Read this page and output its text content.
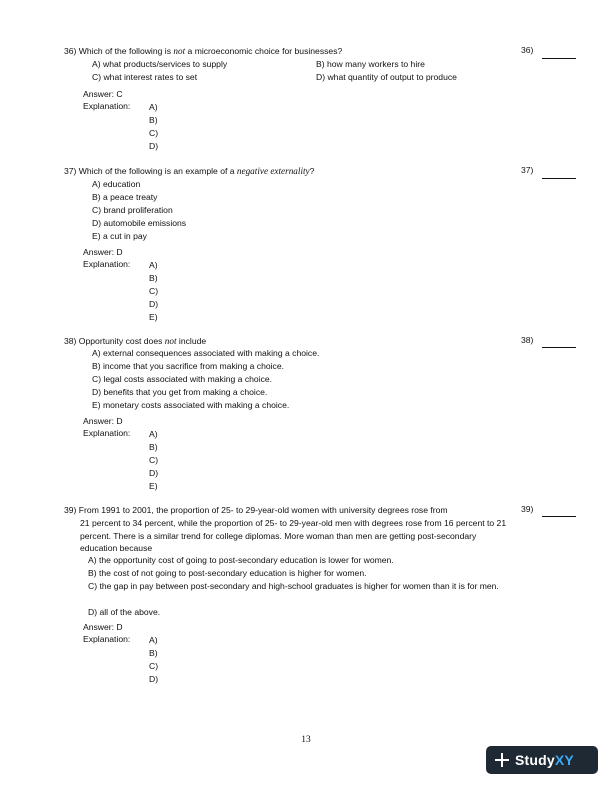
36) Which of the following is not a microeconomic choice for businesses?	36)
A) what products/services to supply	B) how many workers to hire
C) what interest rates to set	D) what quantity of output to produce
Answer: C
Explanation: A)
B)
C)
D)
37) Which of the following is an example of a negative externality?	37)
A) education
B) a peace treaty
C) brand proliferation
D) automobile emissions
E) a cut in pay
Answer: D
Explanation: A)
B)
C)
D)
E)
38) Opportunity cost does not include	38)
A) external consequences associated with making a choice.
B) income that you sacrifice from making a choice.
C) legal costs associated with making a choice.
D) benefits that you get from making a choice.
E) monetary costs associated with making a choice.
Answer: D
Explanation: A)
B)
C)
D)
E)
39) From 1991 to 2001, the proportion of 25- to 29-year-old women with university degrees rose from
21 percent to 34 percent, while the proportion of 25- to 29-year-old men with degrees rose from 16 percent to 21 percent. There is a similar trend for college diplomas. More woman than men are getting post-secondary education because
39)
A) the opportunity cost of going to post-secondary education is lower for women.
B) the cost of not going to post-secondary education is higher for women.
C) the gap in pay between post-secondary and high-school graduates is higher for women than it is for men.
D) all of the above.
Answer: D
Explanation: A)
B)
C)
D)
13
StudyXY
